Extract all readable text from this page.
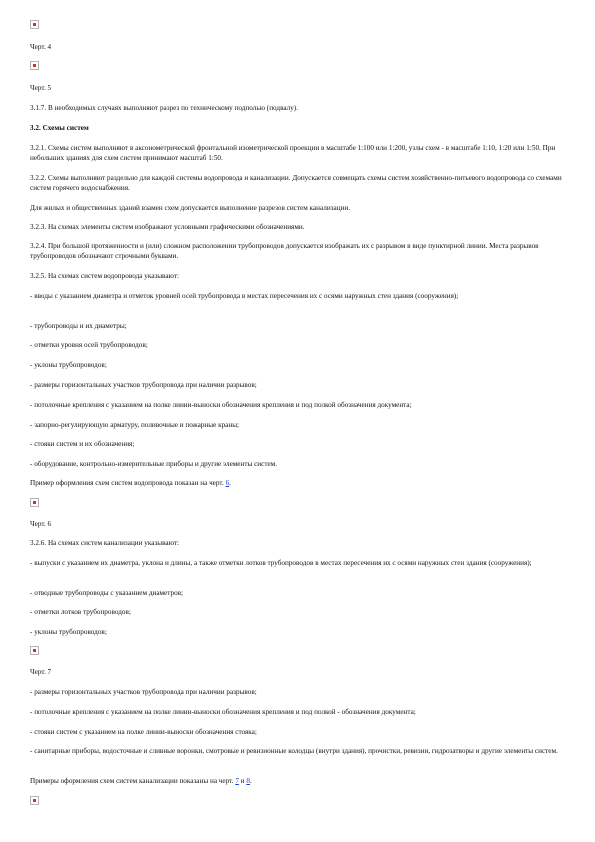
Черт. 4
Черт. 5
3.1.7. В необходимых случаях выполняют разрез по техническому подполью (подвалу).
3.2. Схемы систем
3.2.1. Схемы систем выполняют в аксонометрической фронтальной изометрической проекции в масштабе 1:100 или 1:200, узлы схем - в масштабе 1:10, 1:20 или 1:50. При небольших зданиях для схем систем принимают масштаб 1:50.
3.2.2. Схемы выполняют раздельно для каждой системы водопровода и канализации. Допускается совмещать схемы систем хозяйственно-питьевого водопровода со схемами систем горячего водоснабжения.
Для жилых и общественных зданий взамен схем допускается выполнение разрезов систем канализации.
3.2.3. На схемах элементы систем изображают условными графическими обозначениями.
3.2.4. При большой протяженности и (или) сложном расположении трубопроводов допускается изображать их с разрывом в виде пунктирной линии. Места разрывов трубопроводов обозначают строчными буквами.
3.2.5. На схемах систем водопровода указывают:
- вводы с указанием диаметра и отметок уровней осей трубопровода в местах пересечения их с осями наружных стен здания (сооружения);
- трубопроводы и их диаметры;
- отметки уровня осей трубопроводов;
- уклоны трубопроводов;
- размеры горизонтальных участков трубопровода при наличии разрывов;
- потолочные крепления с указанием на полке линии-выноски обозначения крепления и под полкой обозначения документа;
- запорно-регулирующую арматуру, поливочные и пожарные краны;
- стояки систем и их обозначения;
- оборудование, контрольно-измерительные приборы и другие элементы систем.
Пример оформления схем систем водопровода показан на черт. 6.
Черт. 6
3.2.6. На схемах систем канализации указывают:
- выпуски с указанием их диаметра, уклона и длины, а также отметки лотков трубопроводов в местах пересечения их с осями наружных стен здания (сооружения);
- отводные трубопроводы с указанием диаметров;
- отметки лотков трубопроводов;
- уклоны трубопроводов;
Черт. 7
- размеры горизонтальных участков трубопровода при наличии разрывов;
- потолочные крепления с указанием на полке линии-выноски обозначения крепления и под полкой - обозначения документа;
- стояки систем с указанием на полке линии-выноски обозначения стояка;
- санитарные приборы, водосточные и сливные воронки, смотровые и ревизионные колодцы (внутри здания), прочистки, ревизии, гидрозатворы и другие элементы систем.
Примеры оформления схем систем канализации показаны на черт. 7 и 8.
